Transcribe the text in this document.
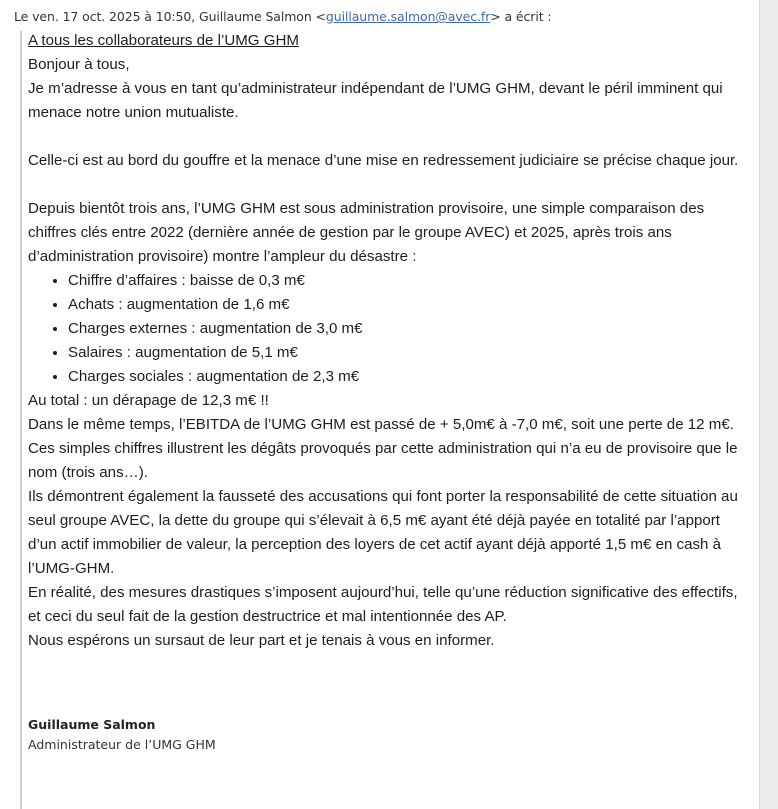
Le ven. 17 oct. 2025 à 10:50, Guillaume Salmon <guillaume.salmon@avec.fr> a écrit :

A tous les collaborateurs de l’UMG GHM

Bonjour à tous,

Je m’adresse à vous en tant qu’administrateur indépendant de l’UMG GHM, devant le péril imminent qui menace notre union mutualiste.

Celle-ci est au bord du gouffre et la menace d’une mise en redressement judiciaire se précise chaque jour.

Depuis bientôt trois ans, l’UMG GHM est sous administration provisoire, une simple comparaison des chiffres clés entre 2022 (dernière année de gestion par le groupe AVEC) et 2025, après trois ans d’administration provisoire) montre l’ampleur du désastre :

• Chiffre d’affaires : baisse de 0,3 m€
• Achats : augmentation de 1,6 m€
• Charges externes : augmentation de 3,0 m€
• Salaires : augmentation de 5,1 m€
• Charges sociales : augmentation de 2,3 m€

Au total : un dérapage de 12,3 m€ !!

Dans le même temps, l’EBITDA de l’UMG GHM est passé de + 5,0m€ à -7,0 m€, soit une perte de 12 m€.

Ces simples chiffres illustrent les dégâts provoqués par cette administration qui n’a eu de provisoire que le nom (trois ans…).

Ils démontrent également la fausseté des accusations qui font porter la responsabilité de cette situation au seul groupe AVEC, la dette du groupe qui s’élevait à 6,5 m€ ayant été déjà payée en totalité par l’apport d’un actif immobilier de valeur, la perception des loyers de cet actif ayant déjà apporté 1,5 m€ en cash à l’UMG-GHM.

En réalité, des mesures drastiques s’imposent aujourd’hui, telle qu’une réduction significative des effectifs, et ceci du seul fait de la gestion destructrice et mal intentionnée des AP.

Nous espérons un sursaut de leur part et je tenais à vous en informer.

Guillaume Salmon
Administrateur de l’UMG GHM
